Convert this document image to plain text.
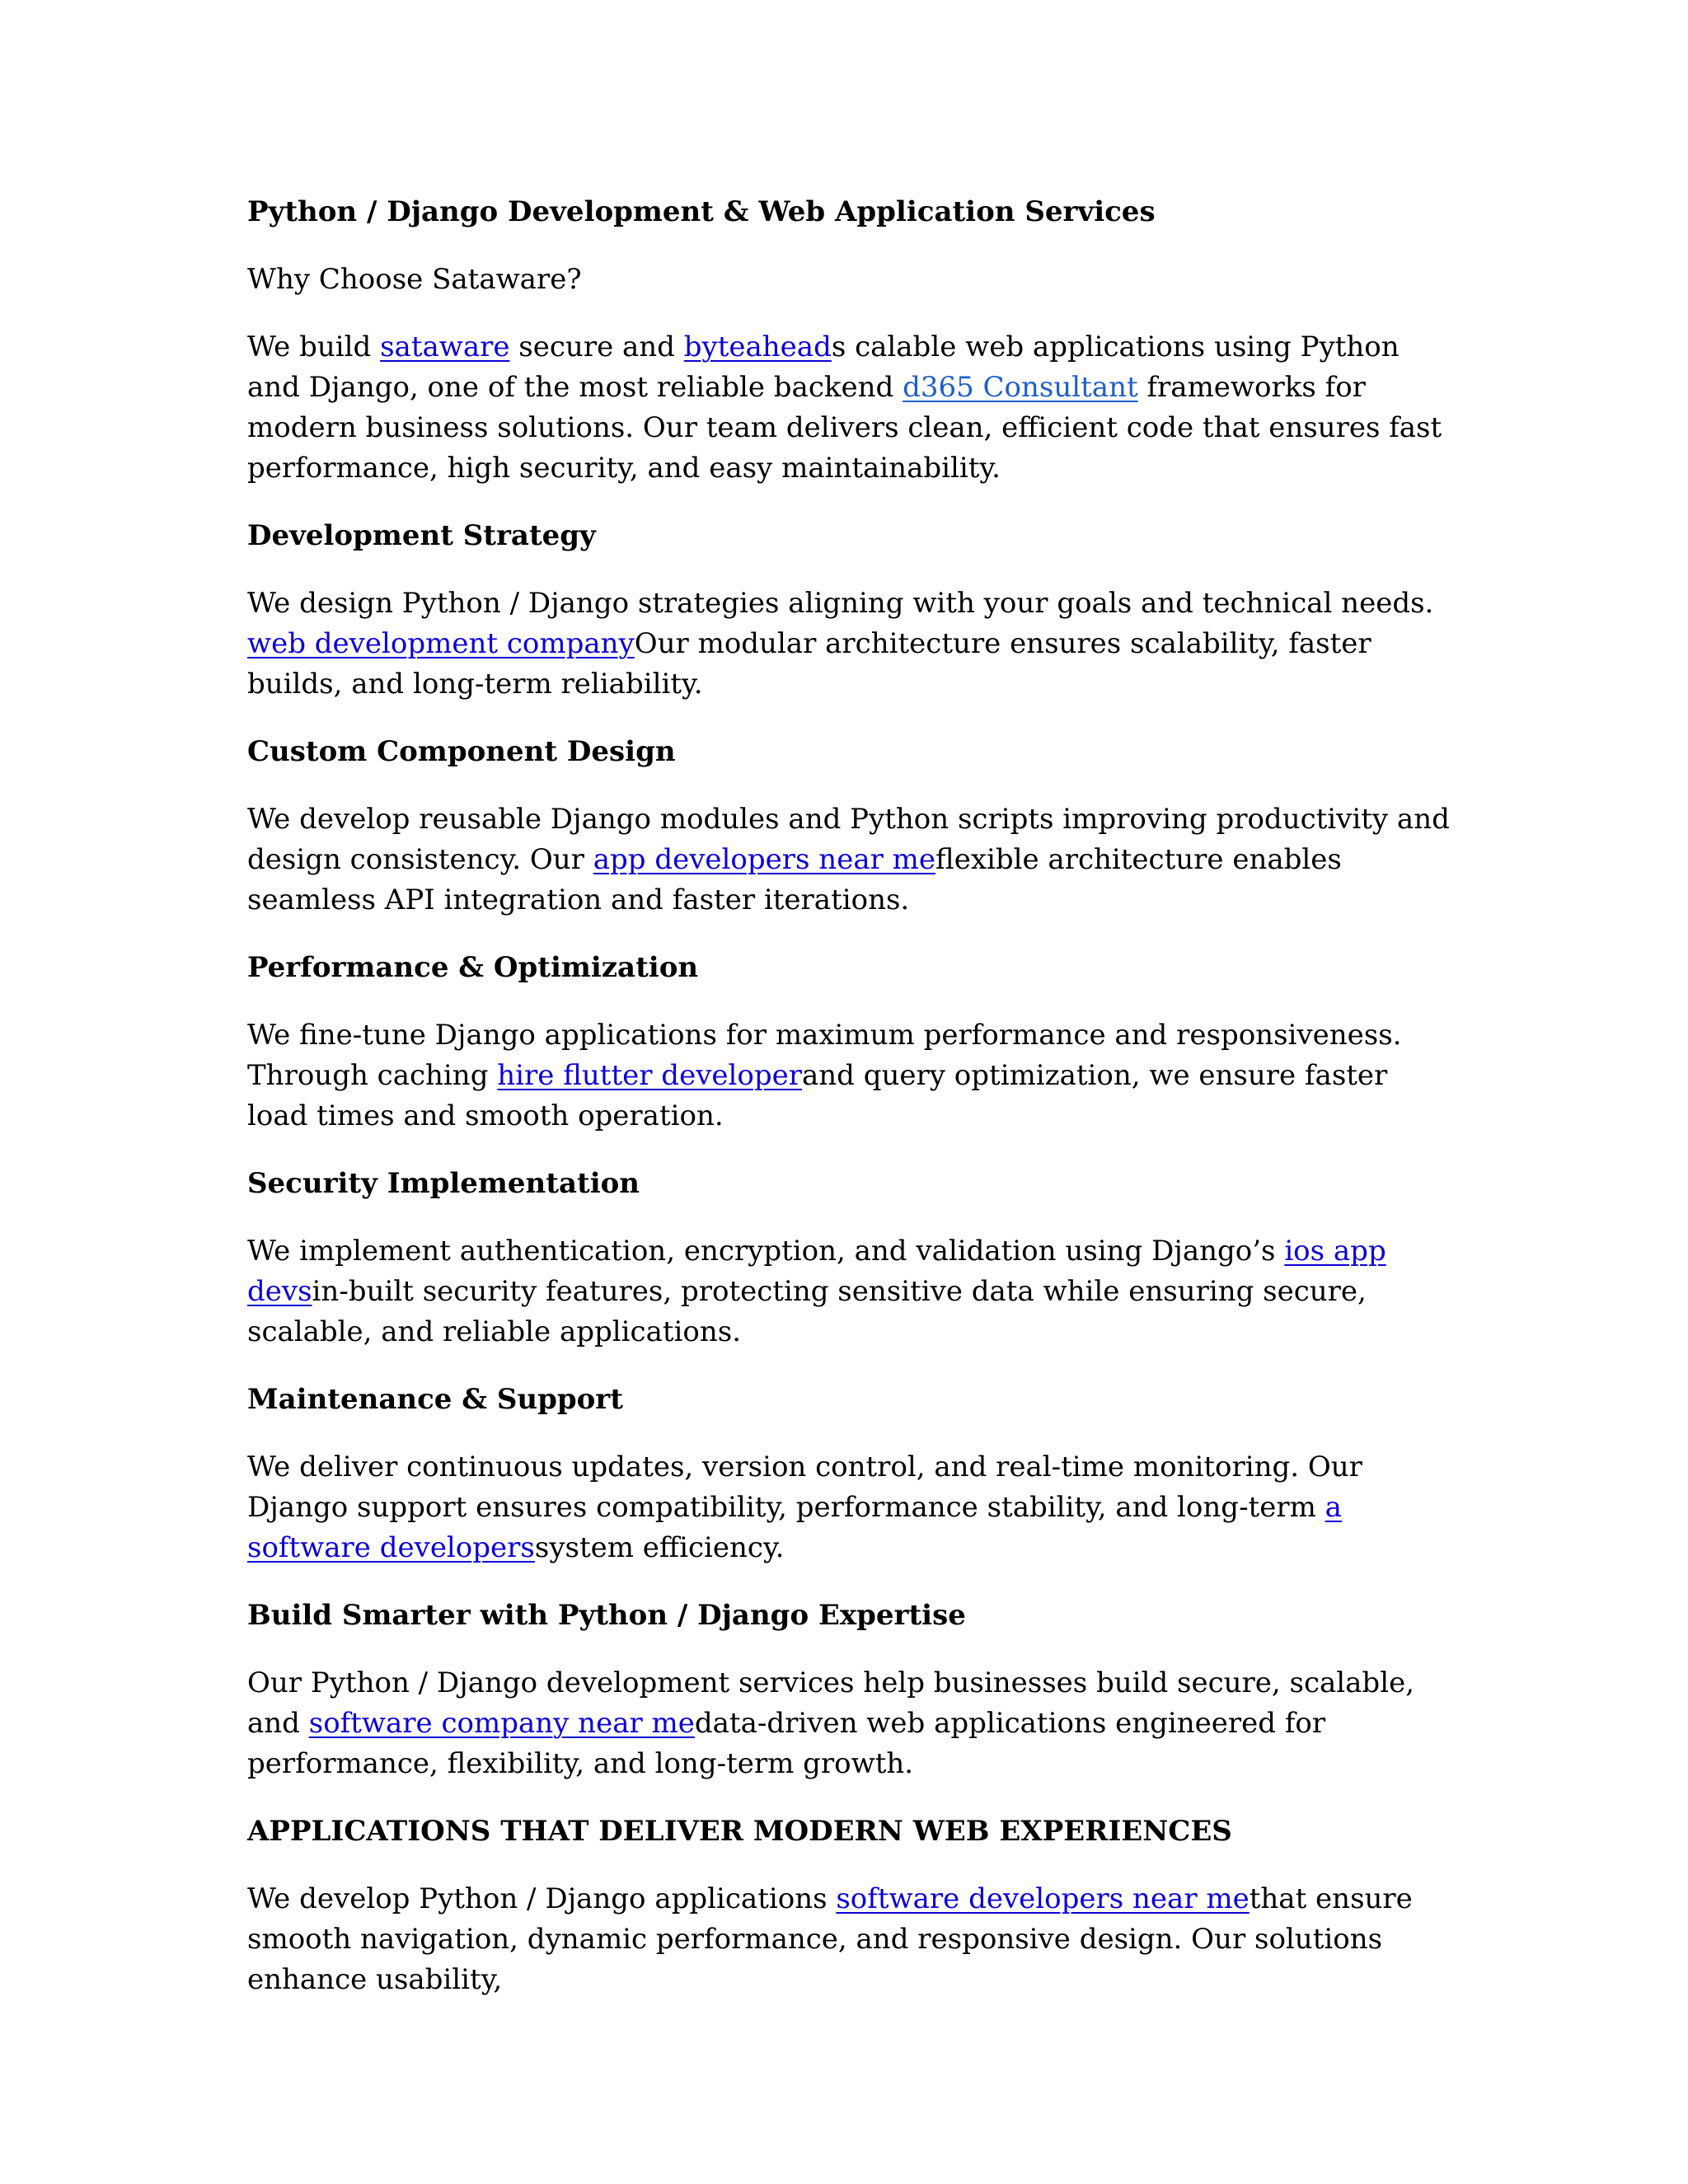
Python / Django Development & Web Application Services
Why Choose Sataware?

We build sataware secure and byteaheads calable web applications using Python and Django, one of the most reliable backend d365 Consultant frameworks for modern business solutions. Our team delivers clean, efficient code that ensures fast performance, high security, and easy maintainability.

Development Strategy

We design Python / Django strategies aligning with your goals and technical needs. web development companyOur modular architecture ensures scalability, faster builds, and long-term reliability.

Custom Component Design

We develop reusable Django modules and Python scripts improving productivity and design consistency. Our app developers near meflexible architecture enables seamless API integration and faster iterations.

Performance & Optimization

We fine-tune Django applications for maximum performance and responsiveness. Through caching hire flutter developerand query optimization, we ensure faster load times and smooth operation.

Security Implementation

We implement authentication, encryption, and validation using Django’s ios app devsin-built security features, protecting sensitive data while ensuring secure, scalable, and reliable applications.

Maintenance & Support

We deliver continuous updates, version control, and real-time monitoring. Our Django support ensures compatibility, performance stability, and long-term a software developerssystem efficiency.

Build Smarter with Python / Django Expertise

Our Python / Django development services help businesses build secure, scalable, and software company near medata-driven web applications engineered for performance, flexibility, and long-term growth.

APPLICATIONS THAT DELIVER MODERN WEB EXPERIENCES

We develop Python / Django applications software developers near methat ensure smooth navigation, dynamic performance, and responsive design. Our solutions enhance usability,
